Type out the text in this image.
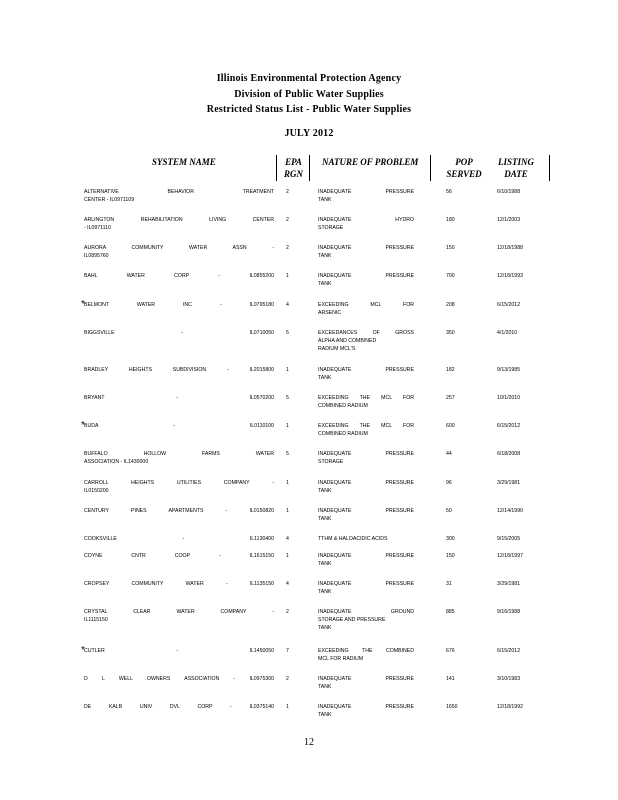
Illinois Environmental Protection Agency
Division of Public Water Supplies
Restricted Status List - Public Water Supplies
JULY 2012
SYSTEM NAME	EPA
RGN
NATURE OF PROBLEM	POP
SERVED
LISTING
DATE
ALTERNATIVE BEHAVIOR TREATMENT
CENTER - IL0971109
2	INADEQUATE PRESSURE
TANK
56	6/10/1988
ARLINGTON REHABILITATION LIVING CENTER
- IL0971110
2	INADEQUATE HYDRO
STORAGE
180	12/1/2003
AURORA COMMUNITY WATER ASSN -
IL0895760
2	INADEQUATE PRESSURE
TANK
150	12/18/1988
BAHL WATER CORP - IL0855200 1	INADEQUATE PRESSURE
TANK
700	12/18/1993
* BELMONT WATER INC - IL0795180 4	EXCEEDING MCL FOR
ARSENIC
208	6/15/2012
BIGGSVILLE - IL0710050 5	EXCEEDANCES OF GROSS
ALPHA AND COMBINED
RADIUM MCL'S
350	4/1/2010
BRADLEY HEIGHTS SUBDIVISION - IL2015800 1	INADEQUATE PRESSURE
TANK
182	9/13/1985
BRYANT - IL0570200 5	EXCEEDING THE MCL FOR
COMBINED RADIUM
257	10/1/2010
* BUDA - IL0110100 1	EXCEEDING THE MCL FOR
COMBINED RADIUM
600	6/15/2012
BUFFALO HOLLOW FARMS WATER
ASSOCIATION - IL1430000
5	INADEQUATE PRESSURE
STORAGE
44	6/18/2008
CARROLL HEIGHTS UTILITIES COMPANY -
IL0150200
1	INADEQUATE PRESSURE
TANK
96	3/29/1981
CENTURY PINES APARTMENTS - IL0150820 1	INADEQUATE PRESSURE
TANK
50	12/14/1990
COOKSVILLE - IL1130400 4	TTHM & HALOACIDIC ACIDS	300	9/15/2005
COYNE CNTR COOP - IL1615150 1	INADEQUATE PRESSURE
TANK
150	12/18/1997
CROPSEY COMMUNITY WATER - IL1135150 4	INADEQUATE PRESSURE
TANK
31	3/29/1981
CRYSTAL CLEAR WATER COMPANY -
IL1115150
2	INADEQUATE GROUND
STORAGE AND PRESSURE
TANK
885	9/16/1988
* CUTLER - IL1450050 7	EXCEEDING THE COMBINED
MCL FOR RADIUM
676	6/15/2012
D L WELL OWNERS ASSOCIATION - IL0975300 2	INADEQUATE PRESSURE
TANK
141	3/10/1983
DE KALB UNIV DVL CORP - IL0375140 1	INADEQUATE PRESSURE
TANK
1650	12/18/1992
12
